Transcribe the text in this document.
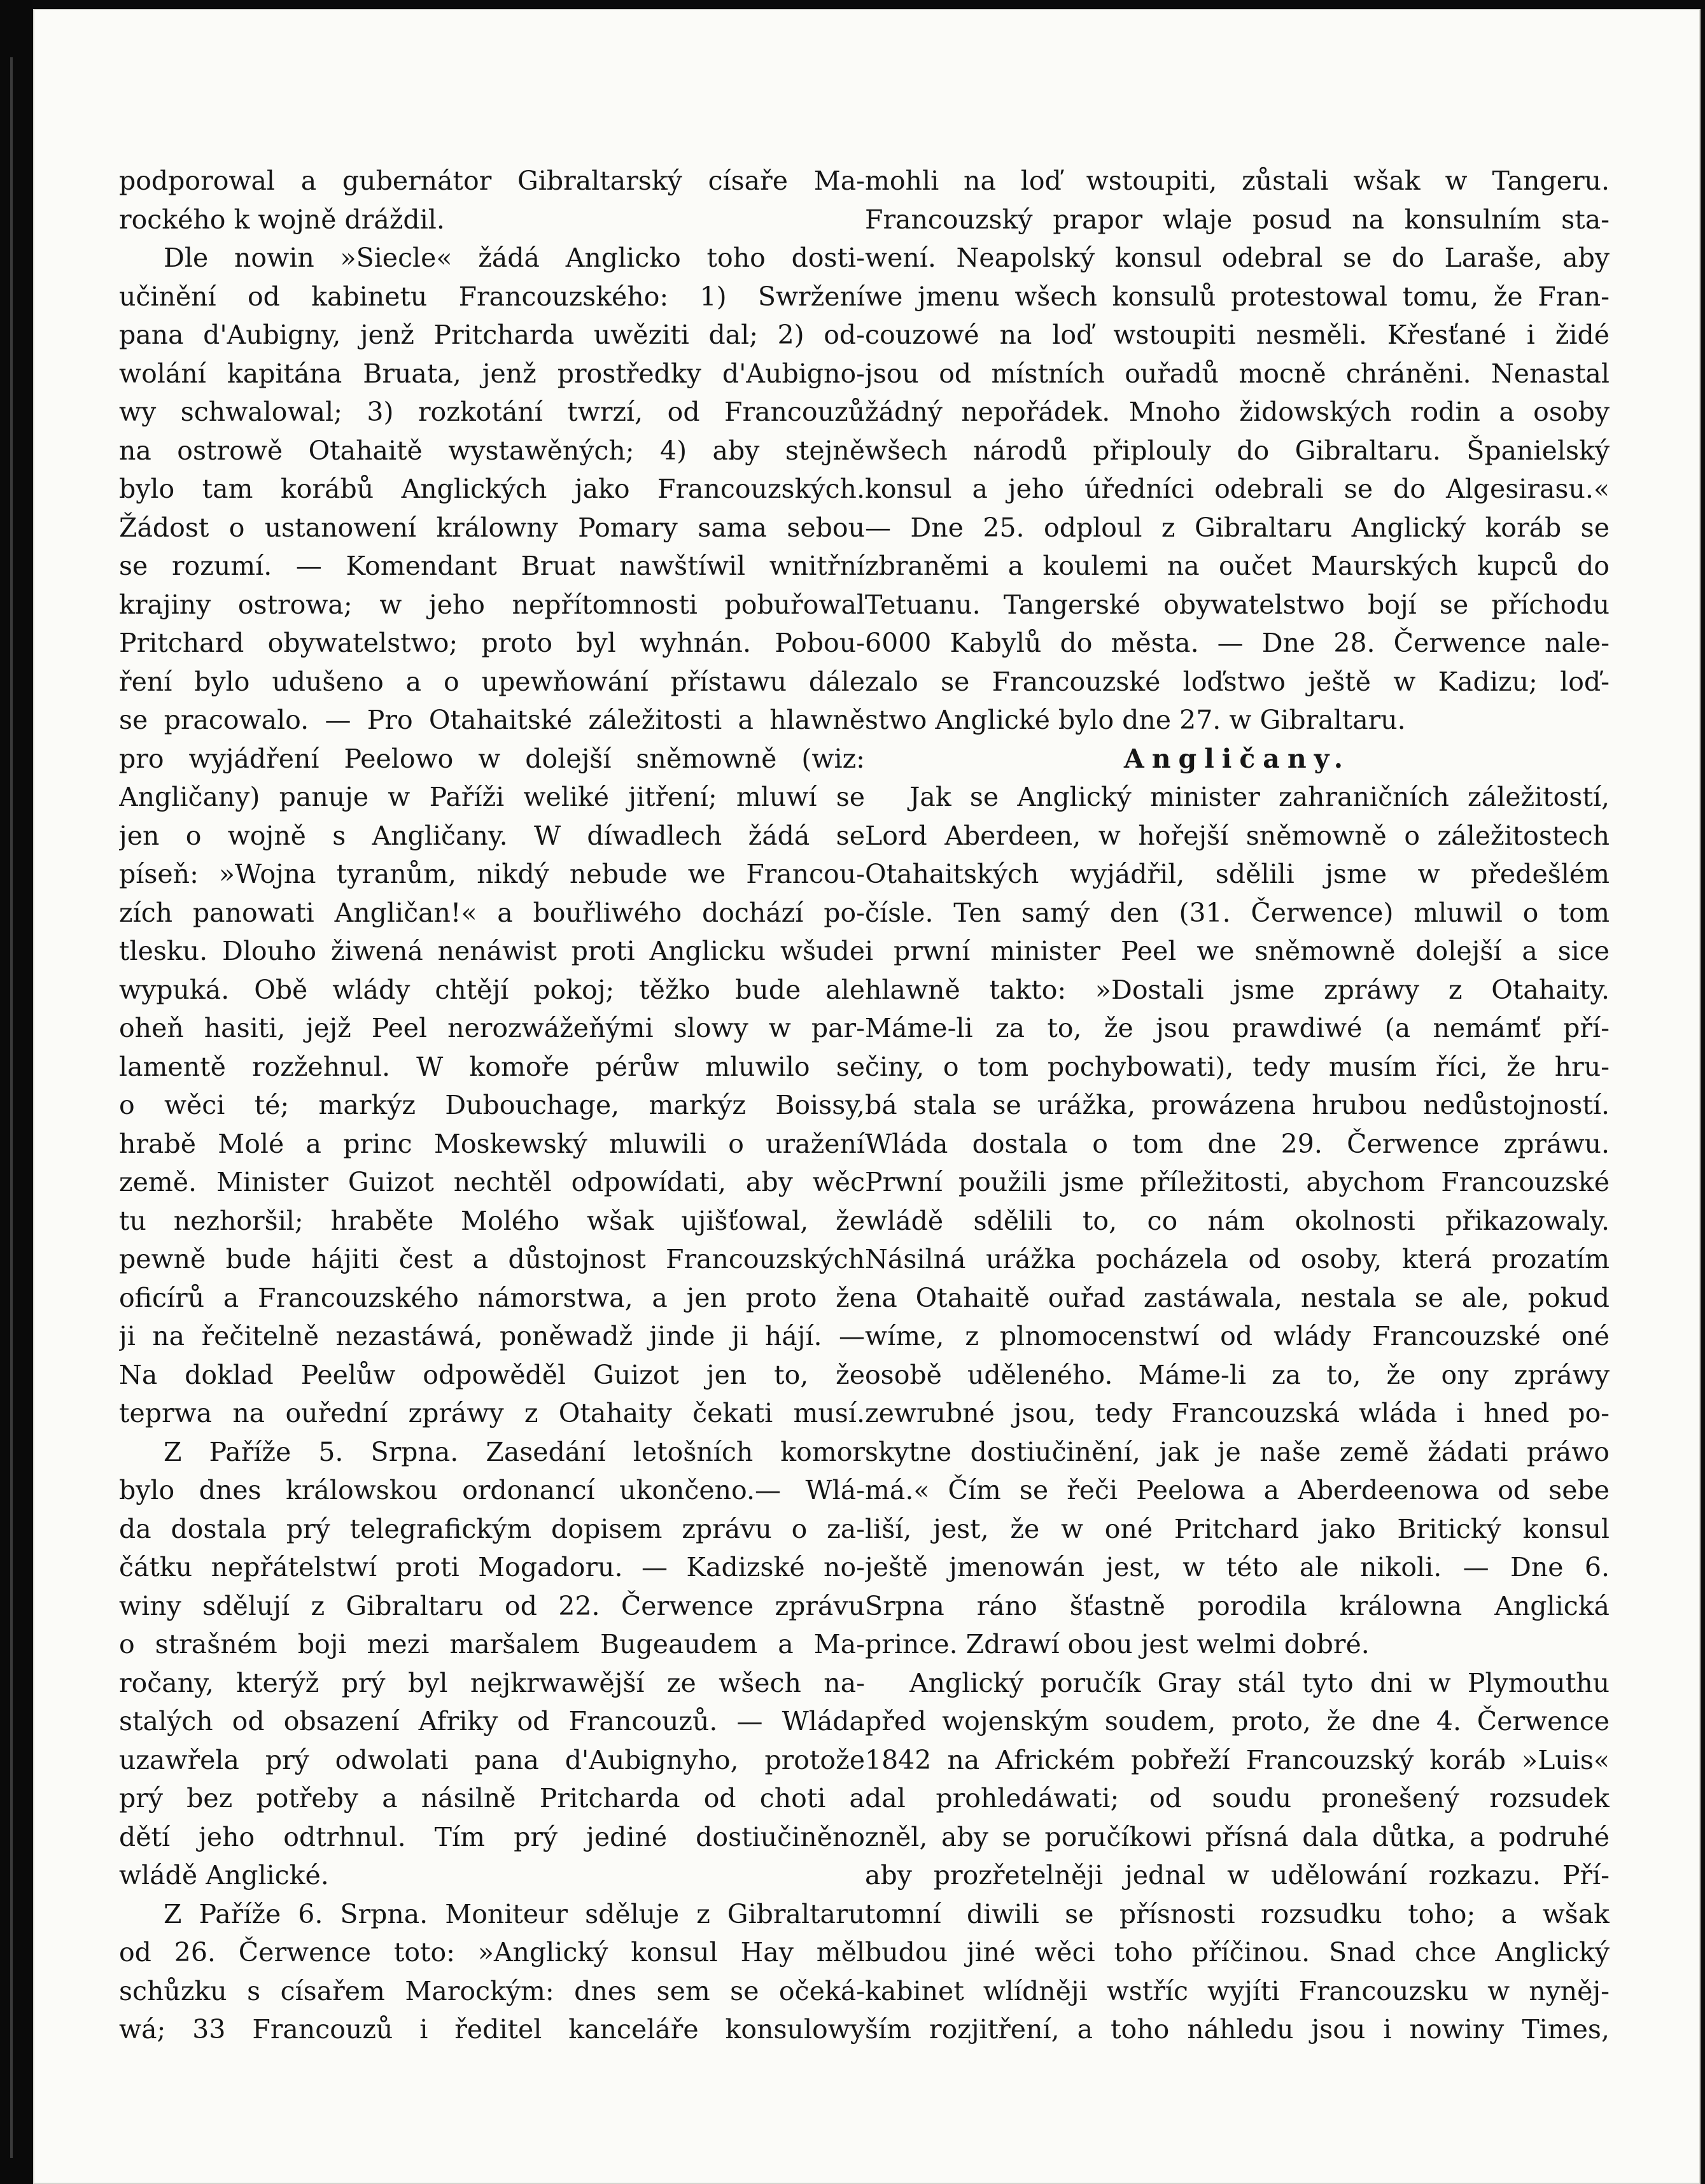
podporowal a gubernátor Gibraltarský císaře Ma-
rockého k wojně dráždil.
Dle nowin »Siecle« žádá Anglicko toho dosti-
učinění od kabinetu Francouzského: 1) Swržení
pana d'Aubigny, jenž Pritcharda uwěziti dal; 2) od-
wolání kapitána Bruata, jenž prostředky d'Aubigno-
wy schwalowal; 3) rozkotání twrzí, od Francouzů
na ostrowě Otahaitě wystawěných; 4) aby stejně
bylo tam korábů Anglických jako Francouzských.
Žádost o ustanowení králowny Pomary sama sebou
se rozumí. — Komendant Bruat nawštíwil wnitřní
krajiny ostrowa; w jeho nepřítomnosti pobuřowal
Pritchard obywatelstwo; proto byl wyhnán. Pobou-
ření bylo udušeno a o upewňowání přístawu dále
se pracowalo. — Pro Otahaitské záležitosti a hlawně
pro wyjádření Peelowo w dolejší sněmowně (wiz:
Angličany) panuje w Paříži weliké jitření; mluwí se
jen o wojně s Angličany. W díwadlech žádá se
píseň: »Wojna tyranům, nikdý nebude we Francou-
zích panowati Angličan!« a bouřliwého dochází po-
tlesku. Dlouho žiwená nenáwist proti Anglicku wšude
wypuká. Obě wlády chtějí pokoj; těžko bude ale
oheň hasiti, jejž Peel nerozwážeňými slowy w par-
lamentě rozžehnul. W komoře pérůw mluwilo se
o wěci té; markýz Dubouchage, markýz Boissy,
hrabě Molé a princ Moskewský mluwili o uražení
země. Minister Guizot nechtěl odpowídati, aby wěc
tu nezhoršil; hraběte Molého wšak ujišťowal, že
pewně bude hájiti čest a důstojnost Francouzských
oficírů a Francouzského námorstwa, a jen proto že
ji na řečitelně nezastáwá, poněwadž jinde ji hájí. —
Na doklad Peelůw odpowěděl Guizot jen to, že
teprwa na ouřední zpráwy z Otahaity čekati musí.
Z Paříže 5. Srpna. Zasedání letošních komor
bylo dnes králowskou ordonancí ukončeno.— Wlá-
da dostala prý telegrafickým dopisem zprávu o za-
čátku nepřátelstwí proti Mogadoru. — Kadizské no-
winy sdělují z Gibraltaru od 22. Čerwence zprávu
o strašném boji mezi maršalem Bugeaudem a Ma-
ročany, kterýž prý byl nejkrwawější ze wšech na-
stalých od obsazení Afriky od Francouzů. — Wláda
uzawřela prý odwolati pana d'Aubignyho, protože
prý bez potřeby a násilně Pritcharda od choti a
dětí jeho odtrhnul. Tím prý jediné dostiučiněno
wládě Anglické.
Z Paříže 6. Srpna. Moniteur sděluje z Gibraltaru
od 26. Čerwence toto: »Anglický konsul Hay měl
schůzku s císařem Marockým: dnes sem se očeká-
wá; 33 Francouzů i ředitel kanceláře konsulowy
mohli na loď wstoupiti, zůstali wšak w Tangeru.
Francouzský prapor wlaje posud na konsulním sta-
wení. Neapolský konsul odebral se do Larašе, aby
we jmenu wšech konsulů protestowal tomu, že Fran-
couzowé na loď wstoupiti nesměli. Křesťané i židé
jsou od místních ouřadů mocně chráněni. Nenastal
žádný nepořádek. Mnoho židowských rodin a osoby
wšech národů připlouly do Gibraltaru. Španielský
konsul a jeho úředníci odebrali se do Algesirasu.«
— Dne 25. odploul z Gibraltaru Anglický koráb se
zbraněmi a koulemi na oučet Maurských kupců do
Tetuanu. Tangerské obywatelstwo bojí se příchodu
6000 Kabylů do města. — Dne 28. Čerwence nale-
zalo se Francouzské loďstwo ještě w Kadizu; loď-
stwo Anglické bylo dne 27. w Gibraltaru.
Angličany.
Jak se Anglický minister zahraničních záležitostí,
Lord Aberdeen, w hořejší sněmowně o záležitostech
Otahaitských wyjádřil, sdělili jsme w předešlém
čísle. Ten samý den (31. Čerwence) mluwil o tom
i prwní minister Peel we sněmowně dolejší a sice
hlawně takto: »Dostali jsme zpráwy z Otahaity.
Máme-li za to, že jsou prawdiwé (a nemámť pří-
činy, o tom pochybowati), tedy musím říci, že hru-
bá stala se urážka, prowázena hrubou nedůstojností.
Wláda dostala o tom dne 29. Čerwence zpráwu.
Prwní použili jsme příležitosti, abychom Francouzské
wládě sdělili to, co nám okolnosti přikazowaly.
Násilná urážka pocházela od osoby, která prozatím
na Otahaitě ouřad zastáwala, nestala se ale, pokud
wíme, z plnomocenstwí od wlády Francouzské oné
osobě uděleného. Máme-li za to, že ony zpráwy
zewrubné jsou, tedy Francouzská wláda i hned po-
skytne dostiučinění, jak je naše země žádati práwo
má.« Čím se řeči Peelowa a Aberdeenowa od sebe
liší, jest, že w oné Pritchard jako Britický konsul
ještě jmenowán jest, w této ale nikoli. — Dne 6.
Srpna ráno šťastně porodila králowna Anglická
prince. Zdrawí obou jest welmi dobré.
Anglický poručík Gray stál tyto dni w Plymouthu
před wojenským soudem, proto, že dne 4. Čerwence
1842 na Africkém pobřeží Francouzský koráb »Luis«
dal prohledáwati; od soudu pronešený rozsudek
zněl, aby se poručíkowi přísná dala důtka, a podruhé
aby prozřetelněji jednal w udělowání rozkazu. Pří-
tomní diwili se přísnosti rozsudku toho; a wšak
budou jiné wěci toho příčinou. Snad chce Anglický
kabinet wlídněji wstříc wyjíti Francouzsku w nyněj-
ším rozjitření, a toho náhledu jsou i nowiny Times,
